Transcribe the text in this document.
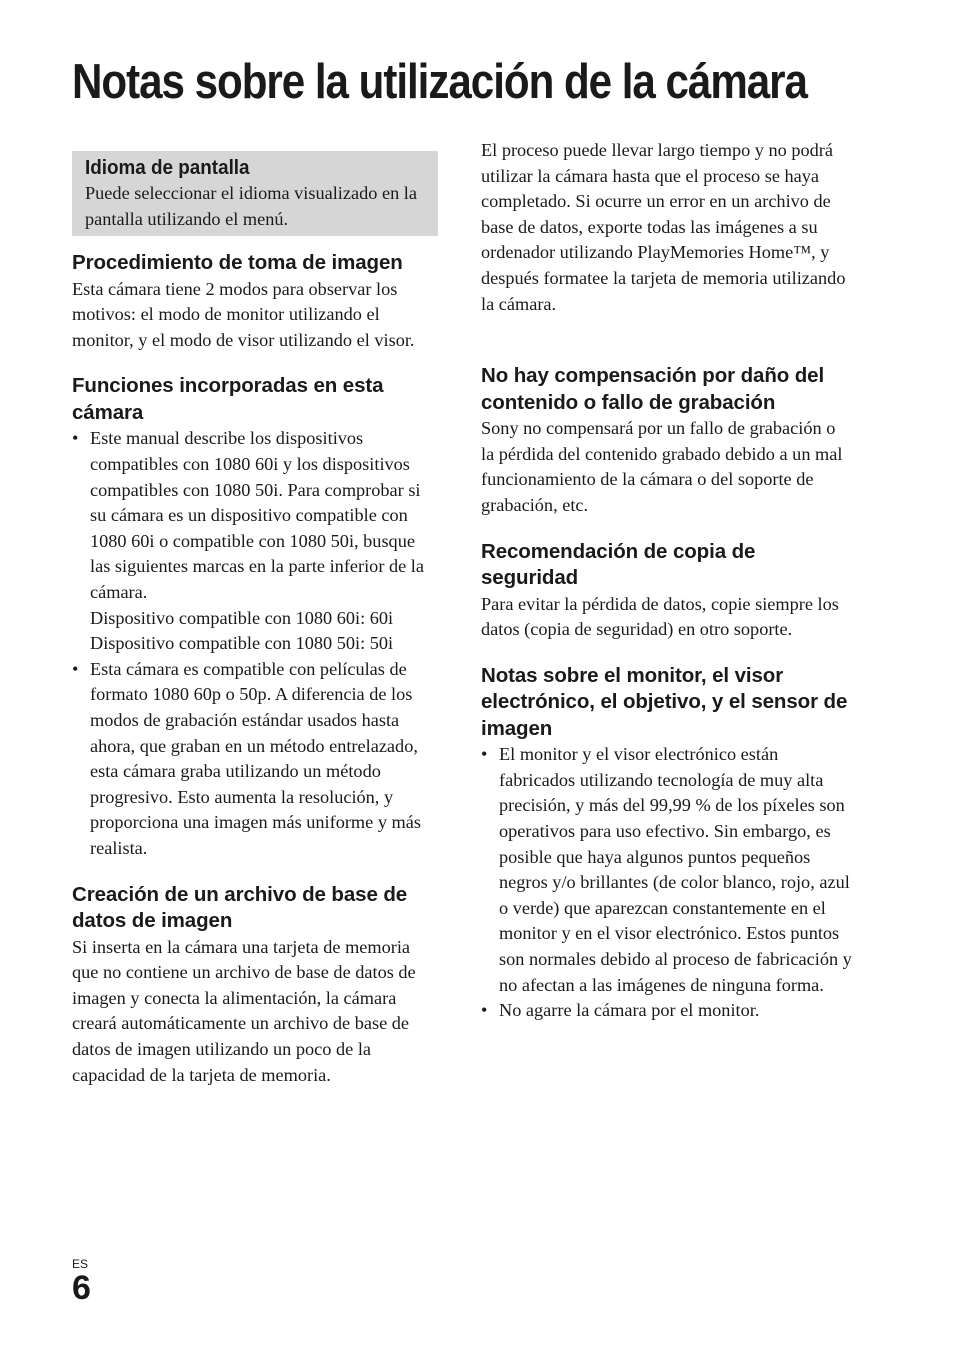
Notas sobre la utilización de la cámara
Idioma de pantalla
Puede seleccionar el idioma visualizado en la pantalla utilizando el menú.
Procedimiento de toma de imagen

Esta cámara tiene 2 modos para observar los motivos: el modo de monitor utilizando el monitor, y el modo de visor utilizando el visor.

Funciones incorporadas en esta cámara
• Este manual describe los dispositivos compatibles con 1080 60i y los dispositivos compatibles con 1080 50i. Para comprobar si su cámara es un dispositivo compatible con 1080 60i o compatible con 1080 50i, busque las siguientes marcas en la parte inferior de la cámara.
Dispositivo compatible con 1080 60i: 60i
Dispositivo compatible con 1080 50i: 50i
• Esta cámara es compatible con películas de formato 1080 60p o 50p. A diferencia de los modos de grabación estándar usados hasta ahora, que graban en un método entrelazado, esta cámara graba utilizando un método progresivo. Esto aumenta la resolución, y proporciona una imagen más uniforme y más realista.
Creación de un archivo de base de datos de imagen

Si inserta en la cámara una tarjeta de memoria que no contiene un archivo de base de datos de imagen y conecta la alimentación, la cámara creará automáticamente un archivo de base de datos de imagen utilizando un poco de la capacidad de la tarjeta de memoria.

El proceso puede llevar largo tiempo y no podrá utilizar la cámara hasta que el proceso se haya completado. Si ocurre un error en un archivo de base de datos, exporte todas las imágenes a su ordenador utilizando PlayMemories Home™, y después formatee la tarjeta de memoria utilizando la cámara.

No hay compensación por daño del contenido o fallo de grabación

Sony no compensará por un fallo de grabación o la pérdida del contenido grabado debido a un mal funcionamiento de la cámara o del soporte de grabación, etc.

Recomendación de copia de seguridad

Para evitar la pérdida de datos, copie siempre los datos (copia de seguridad) en otro soporte.

Notas sobre el monitor, el visor electrónico, el objetivo, y el sensor de imagen
• El monitor y el visor electrónico están fabricados utilizando tecnología de muy alta precisión, y más del 99,99 % de los píxeles son operativos para uso efectivo. Sin embargo, es posible que haya algunos puntos pequeños negros y/o brillantes (de color blanco, rojo, azul o verde) que aparezcan constantemente en el monitor y en el visor electrónico. Estos puntos son normales debido al proceso de fabricación y no afectan a las imágenes de ninguna forma.
• No agarre la cámara por el monitor.
ES
6
